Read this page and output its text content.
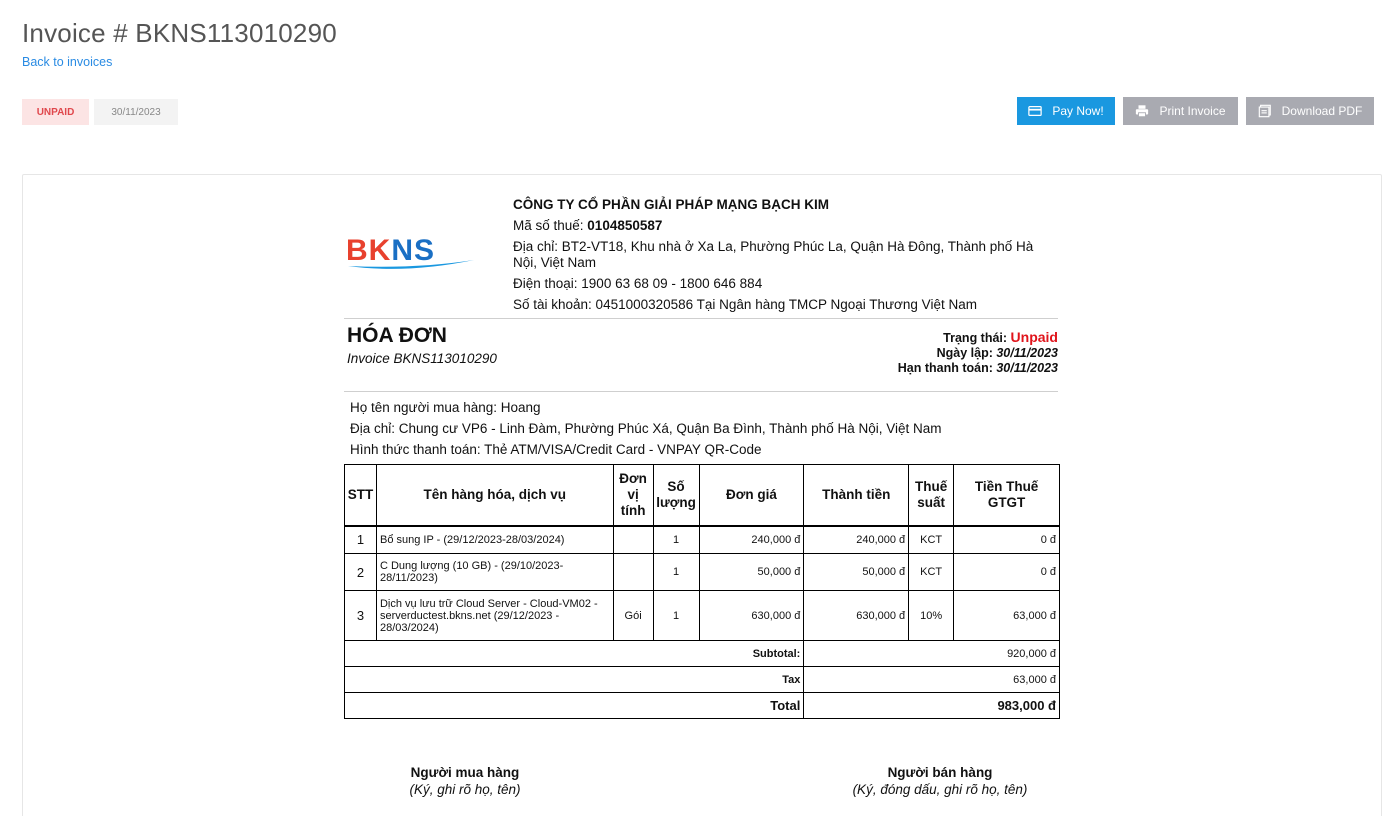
Invoice # BKNS113010290
Back to invoices
UNPAID	30/11/2023	Pay Now!	Print Invoice	Download PDF
BKNS
CÔNG TY CỔ PHẦN GIẢI PHÁP MẠNG BẠCH KIM
Mã số thuế: 0104850587
Địa chỉ: BT2-VT18, Khu nhà ở Xa La, Phường Phúc La, Quận Hà Đông, Thành phố Hà Nội, Việt Nam
Điện thoại: 1900 63 68 09 - 1800 646 884
Số tài khoản: 0451000320586 Tại Ngân hàng TMCP Ngoại Thương Việt Nam
HÓA ĐƠN
Invoice BKNS113010290
Trạng thái: Unpaid
Ngày lập: 30/11/2023
Hạn thanh toán: 30/11/2023
Họ tên người mua hàng: Hoang
Địa chỉ: Chung cư VP6 - Linh Đàm, Phường Phúc Xá, Quận Ba Đình, Thành phố Hà Nội, Việt Nam
Hình thức thanh toán: Thẻ ATM/VISA/Credit Card - VNPAY QR-Code
STT	Tên hàng hóa, dịch vụ	Đơn vị tính	Số lượng	Đơn giá	Thành tiền	Thuế suất	Tiền Thuế GTGT
1	Bổ sung IP - (29/12/2023-28/03/2024)		1	240,000 đ	240,000 đ	KCT	0 đ
2	C Dung lượng (10 GB) - (29/10/2023-28/11/2023)		1	50,000 đ	50,000 đ	KCT	0 đ
3	Dịch vụ lưu trữ Cloud Server - Cloud-VM02 - serverductest.bkns.net (29/12/2023 - 28/03/2024)	Gói	1	630,000 đ	630,000 đ	10%	63,000 đ
Subtotal:					920,000 đ		
Tax					63,000 đ		
Total					983,000 đ		
Người mua hàng
(Ký, ghi rõ họ, tên)
Người bán hàng
(Ký, đóng dấu, ghi rõ họ, tên)
